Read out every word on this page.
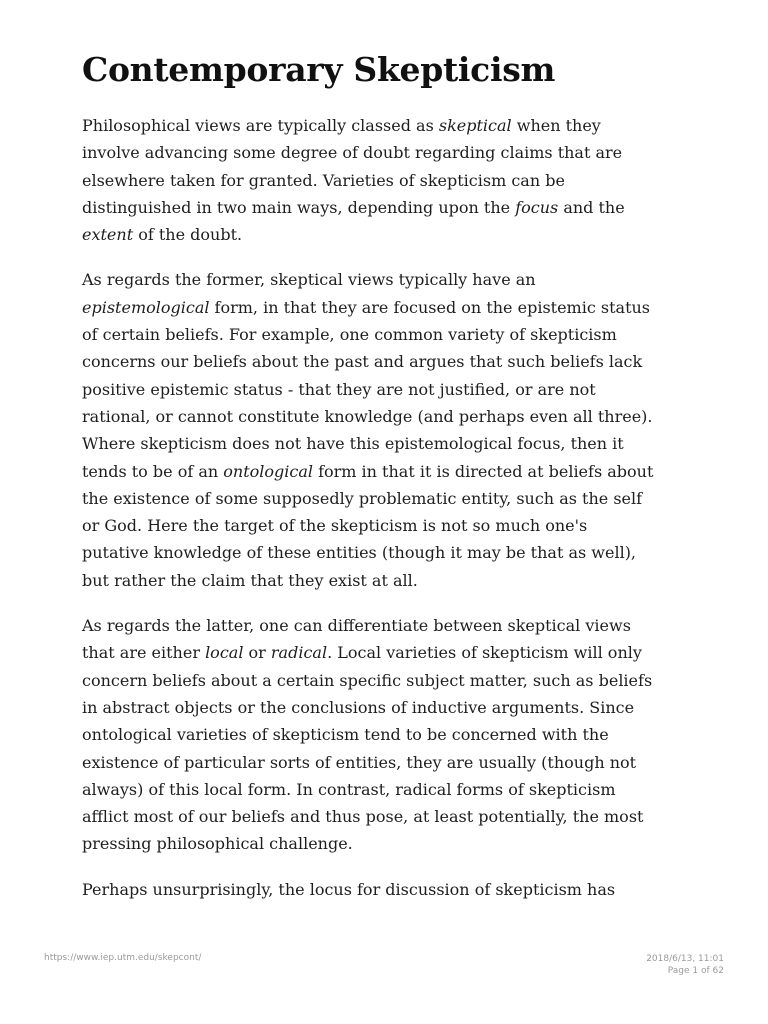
Contemporary Skepticism

Philosophical views are typically classed as skeptical when they
involve advancing some degree of doubt regarding claims that are
elsewhere taken for granted. Varieties of skepticism can be
distinguished in two main ways, depending upon the focus and the
extent of the doubt.

As regards the former, skeptical views typically have an
epistemological form, in that they are focused on the epistemic status
of certain beliefs. For example, one common variety of skepticism
concerns our beliefs about the past and argues that such beliefs lack
positive epistemic status - that they are not justified, or are not
rational, or cannot constitute knowledge (and perhaps even all three).
Where skepticism does not have this epistemological focus, then it
tends to be of an ontological form in that it is directed at beliefs about
the existence of some supposedly problematic entity, such as the self
or God. Here the target of the skepticism is not so much one's
putative knowledge of these entities (though it may be that as well),
but rather the claim that they exist at all.

As regards the latter, one can differentiate between skeptical views
that are either local or radical. Local varieties of skepticism will only
concern beliefs about a certain specific subject matter, such as beliefs
in abstract objects or the conclusions of inductive arguments. Since
ontological varieties of skepticism tend to be concerned with the
existence of particular sorts of entities, they are usually (though not
always) of this local form. In contrast, radical forms of skepticism
afflict most of our beliefs and thus pose, at least potentially, the most
pressing philosophical challenge.

Perhaps unsurprisingly, the locus for discussion of skepticism has

https://www.iep.utm.edu/skepcont/	2018/6/13, 11:01
Page 1 of 62
